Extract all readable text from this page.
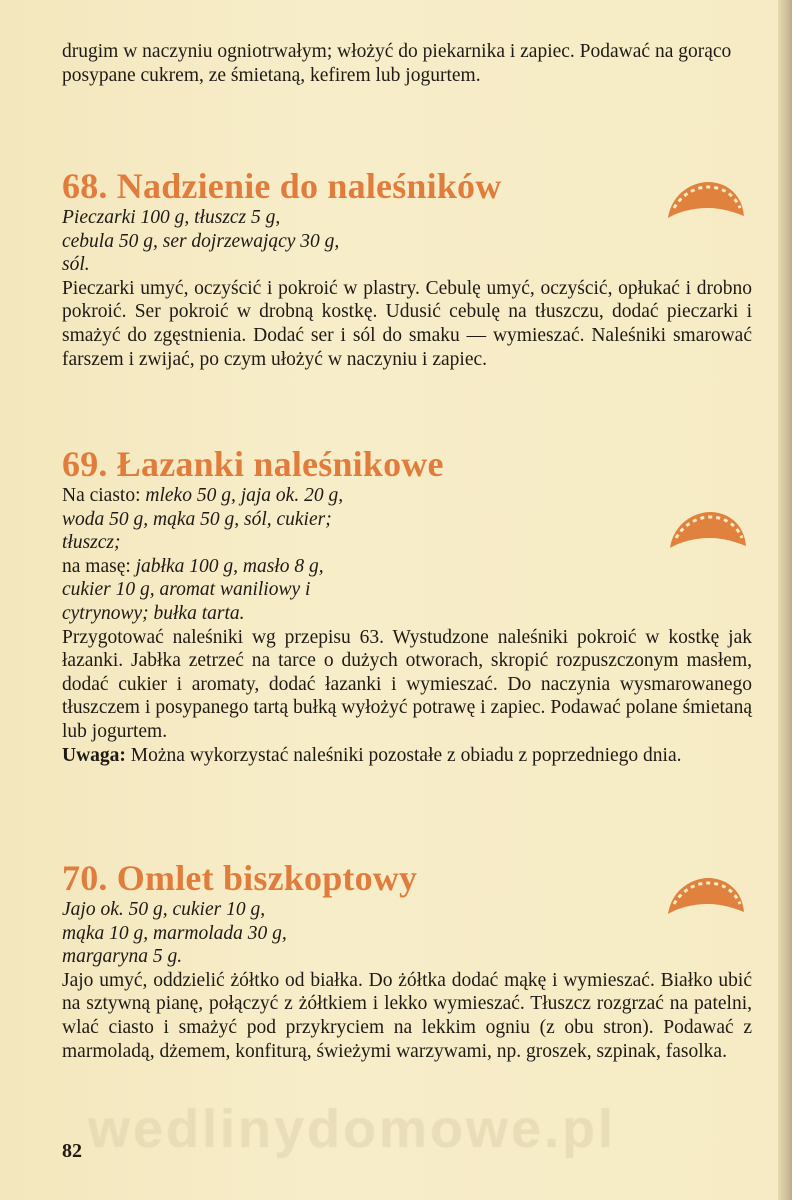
drugim w naczyniu ogniotrwałym; włożyć do piekarnika i zapiec. Podawać na gorąco posypane cukrem, ze śmietaną, kefirem lub jogurtem.

68. Nadzienie do naleśników
Pieczarki 100 g, tłuszcz 5 g,
cebula 50 g, ser dojrzewający 30 g,
sól.

Pieczarki umyć, oczyścić i pokroić w plastry. Cebulę umyć, oczyścić, opłukać i drobno pokroić. Ser pokroić w drobną kostkę. Udusić cebulę na tłuszczu, dodać pieczarki i smażyć do zgęstnienia. Dodać ser i sól do smaku — wymieszać. Naleśniki smarować farszem i zwijać, po czym ułożyć w naczyniu i zapiec.

69. Łazanki naleśnikowe
Na ciasto: mleko 50 g, jaja ok. 20 g,
woda 50 g, mąka 50 g, sól, cukier;
tłuszcz;
na masę: jabłka 100 g, masło 8 g,
cukier 10 g, aromat waniliowy i
cytrynowy; bułka tarta.

Przygotować naleśniki wg przepisu 63. Wystudzone naleśniki pokroić w kostkę jak łazanki. Jabłka zetrzeć na tarce o dużych otworach, skropić rozpuszczonym masłem, dodać cukier i aromaty, dodać łazanki i wymieszać. Do naczynia wysmarowanego tłuszczem i posypanego tartą bułką wyłożyć potrawę i zapiec. Podawać polane śmietaną lub jogurtem.

Uwaga: Można wykorzystać naleśniki pozostałe z obiadu z poprzedniego dnia.

70. Omlet biszkoptowy
Jajo ok. 50 g, cukier 10 g,
mąka 10 g, marmolada 30 g,
margaryna 5 g.

Jajo umyć, oddzielić żółtko od białka. Do żółtka dodać mąkę i wymieszać. Białko ubić na sztywną pianę, połączyć z żółtkiem i lekko wymieszać. Tłuszcz rozgrzać na patelni, wlać ciasto i smażyć pod przykryciem na lekkim ogniu (z obu stron). Podawać z marmoladą, dżemem, konfiturą, świeżymi warzywami, np. groszek, szpinak, fasolka.

wedlinydomowe.pl
82
